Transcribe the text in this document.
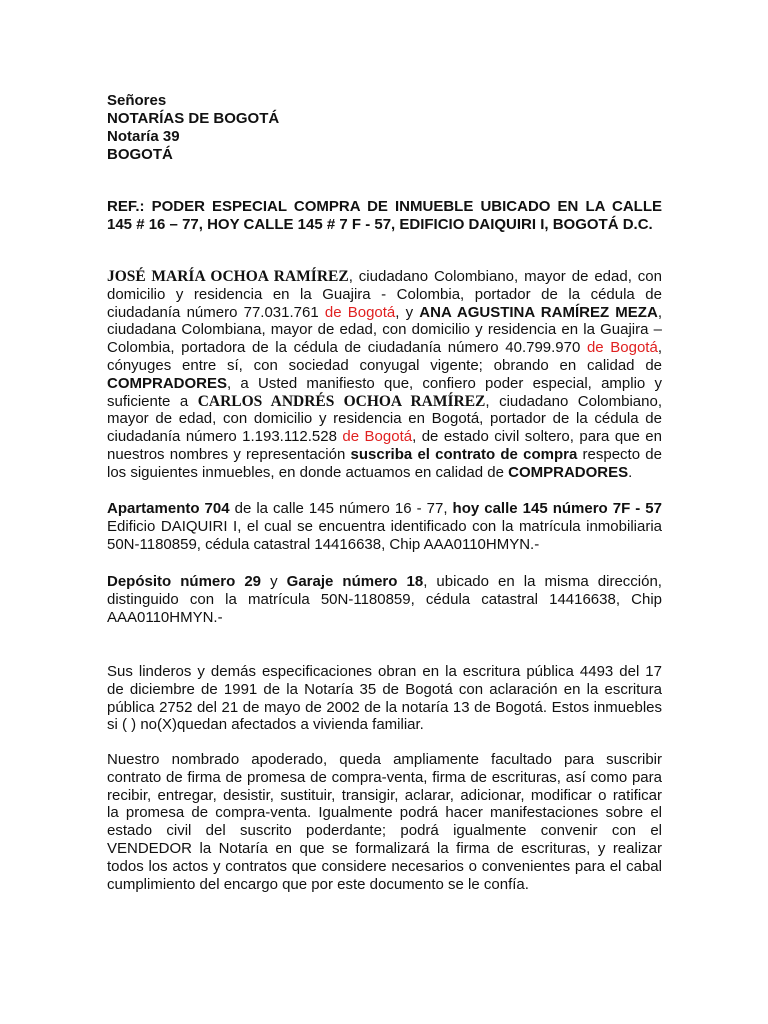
Señores
NOTARÍAS DE BOGOTÁ
Notaría 39
BOGOTÁ
REF.: PODER ESPECIAL COMPRA DE INMUEBLE UBICADO EN LA CALLE
145 # 16 – 77, HOY CALLE 145 # 7 F - 57, EDIFICIO DAIQUIRI I, BOGOTÁ D.C.
JOSÉ MARÍA OCHOA RAMÍREZ, ciudadano Colombiano, mayor de edad, con
domicilio y residencia en la Guajira - Colombia, portador de la cédula de
ciudadanía número 77.031.761 de Bogotá, y ANA AGUSTINA RAMÍREZ MEZA,
ciudadana Colombiana, mayor de edad, con domicilio y residencia en la Guajira –
Colombia, portadora de la cédula de ciudadanía número 40.799.970 de Bogotá,
cónyuges entre sí, con sociedad conyugal vigente; obrando en calidad de
COMPRADORES, a Usted manifiesto que, confiero poder especial, amplio y
suficiente a CARLOS ANDRÉS OCHOA RAMÍREZ, ciudadano Colombiano,
mayor de edad, con domicilio y residencia en Bogotá, portador de la cédula de
ciudadanía número 1.193.112.528 de Bogotá, de estado civil soltero, para que en
nuestros nombres y representación suscriba el contrato de compra respecto de
los siguientes inmuebles, en donde actuamos en calidad de COMPRADORES.
Apartamento 704 de la calle 145 número 16 - 77, hoy calle 145 número 7F - 57
Edificio DAIQUIRI I, el cual se encuentra identificado con la matrícula inmobiliaria
50N-1180859, cédula catastral 14416638, Chip AAA0110HMYN.-
Depósito número 29 y Garaje número 18, ubicado en la misma dirección,
distinguido con la matrícula 50N-1180859, cédula catastral 14416638, Chip
AAA0110HMYN.-
Sus linderos y demás especificaciones obran en la escritura pública 4493 del 17
de diciembre de 1991 de la Notaría 35 de Bogotá con aclaración en la escritura
pública 2752 del 21 de mayo de 2002 de la notaría 13 de Bogotá. Estos inmuebles
si ( ) no(X)quedan afectados a vivienda familiar.
Nuestro nombrado apoderado, queda ampliamente facultado para suscribir
contrato de firma de promesa de compra-venta, firma de escrituras, así como para
recibir, entregar, desistir, sustituir, transigir, aclarar, adicionar, modificar o ratificar
la promesa de compra-venta. Igualmente podrá hacer manifestaciones sobre el
estado civil del suscrito poderdante; podrá igualmente convenir con el
VENDEDOR la Notaría en que se formalizará la firma de escrituras, y realizar
todos los actos y contratos que considere necesarios o convenientes para el cabal
cumplimiento del encargo que por este documento se le confía.
